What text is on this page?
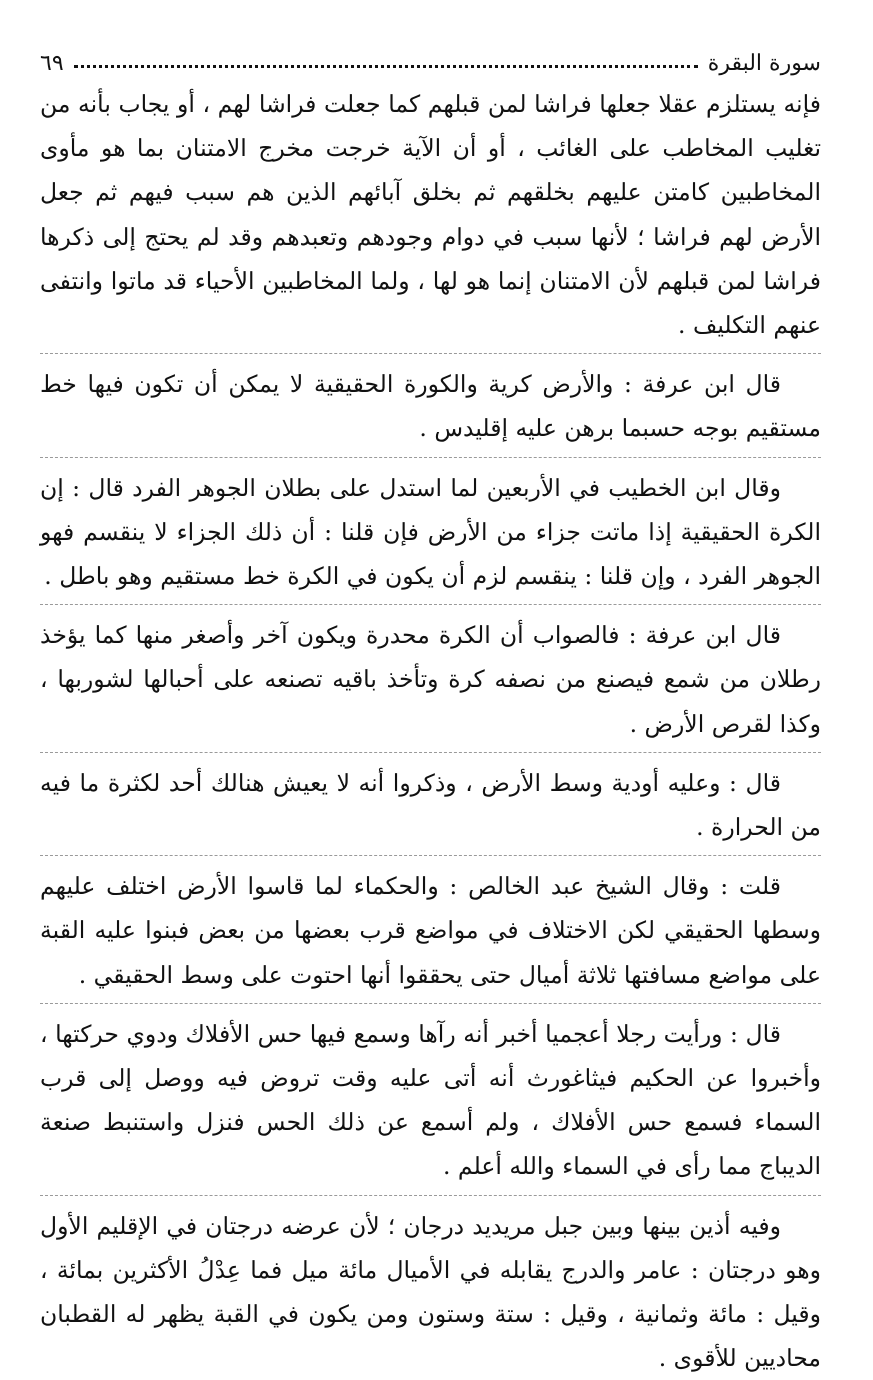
سورة البقرة
٦٩

فإنه يستلزم عقلا جعلها فراشا لمن قبلهم كما جعلت فراشا لهم ، أو يجاب بأنه من تغليب المخاطب على الغائب ، أو أن الآية خرجت مخرج الامتنان بما هو مأوى المخاطبين كامتن عليهم بخلقهم ثم بخلق آبائهم الذين هم سبب فيهم ثم جعل الأرض لهم فراشا ؛ لأنها سبب في دوام وجودهم وتعبدهم وقد لم يحتج إلى ذكرها فراشا لمن قبلهم لأن الامتنان إنما هو لها ، ولما المخاطبين الأحياء قد ماتوا وانتفى عنهم التكليف .

قال ابن عرفة : والأرض كرية والكورة الحقيقية لا يمكن أن تكون فيها خط مستقيم بوجه حسبما برهن عليه إقليدس .

وقال ابن الخطيب في الأربعين لما استدل على بطلان الجوهر الفرد قال : إن الكرة الحقيقية إذا ماتت جزاء من الأرض فإن قلنا : أن ذلك الجزاء لا ينقسم فهو الجوهر الفرد ، وإن قلنا : ينقسم لزم أن يكون في الكرة خط مستقيم وهو باطل .

قال ابن عرفة : فالصواب أن الكرة محدرة ويكون آخر وأصغر منها كما يؤخذ رطلان من شمع فيصنع من نصفه كرة وتأخذ باقيه تصنعه على أحبالها لشوربها ، وكذا لقرص الأرض .

قال : وعليه أودية وسط الأرض ، وذكروا أنه لا يعيش هنالك أحد لكثرة ما فيه من الحرارة .

قلت : وقال الشيخ عبد الخالص : والحكماء لما قاسوا الأرض اختلف عليهم وسطها الحقيقي لكن الاختلاف في مواضع قرب بعضها من بعض فبنوا عليه القبة على مواضع مسافتها ثلاثة أميال حتى يحققوا أنها احتوت على وسط الحقيقي .

قال : ورأيت رجلا أعجميا أخبر أنه رآها وسمع فيها حس الأفلاك ودوي حركتها ، وأخبروا عن الحكيم فيثاغورث أنه أتى عليه وقت تروض فيه ووصل إلى قرب السماء فسمع حس الأفلاك ، ولم أسمع عن ذلك الحس فنزل واستنبط صنعة الديباج مما رأى في السماء والله أعلم .

وفيه أذين بينها وبين جبل مريديد درجان ؛ لأن عرضه درجتان في الإقليم الأول وهو درجتان : عامر والدرج يقابله في الأميال مائة ميل فما عِدْلُ الأكثرين بمائة ، وقيل : مائة وثمانية ، وقيل : ستة وستون ومن يكون في القبة يظهر له القطبان محاديين للأقوى .
